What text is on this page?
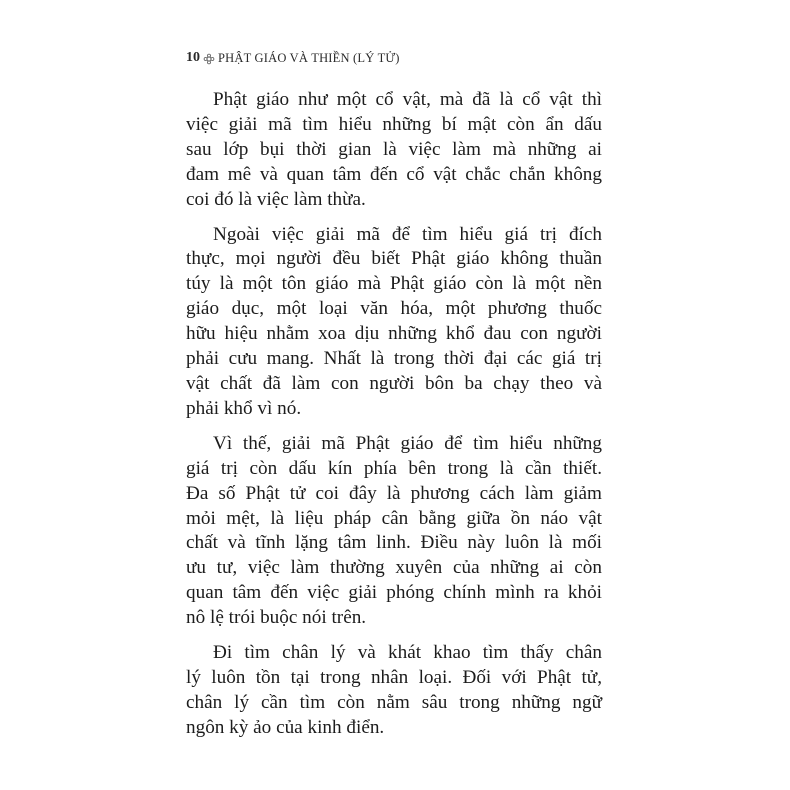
10 PHẬT GIÁO VÀ THIỀN (LÝ TỬ)
Phật giáo như một cổ vật, mà đã là cổ vật thì
việc giải mã tìm hiểu những bí mật còn ẩn dấu
sau lớp bụi thời gian là việc làm mà những ai
đam mê và quan tâm đến cổ vật chắc chắn không
coi đó là việc làm thừa.
Ngoài việc giải mã để tìm hiểu giá trị đích
thực, mọi người đều biết Phật giáo không thuần
túy là một tôn giáo mà Phật giáo còn là một nền
giáo dục, một loại văn hóa, một phương thuốc
hữu hiệu nhằm xoa dịu những khổ đau con người
phải cưu mang. Nhất là trong thời đại các giá trị
vật chất đã làm con người bôn ba chạy theo và
phải khổ vì nó.
Vì thế, giải mã Phật giáo để tìm hiểu những
giá trị còn dấu kín phía bên trong là cần thiết.
Đa số Phật tử coi đây là phương cách làm giảm
mỏi mệt, là liệu pháp cân bằng giữa ồn náo vật
chất và tĩnh lặng tâm linh. Điều này luôn là mối
ưu tư, việc làm thường xuyên của những ai còn
quan tâm đến việc giải phóng chính mình ra khỏi
nô lệ trói buộc nói trên.
Đi tìm chân lý và khát khao tìm thấy chân
lý luôn tồn tại trong nhân loại. Đối với Phật tử,
chân lý cần tìm còn nằm sâu trong những ngữ
ngôn kỳ ảo của kinh điển.
